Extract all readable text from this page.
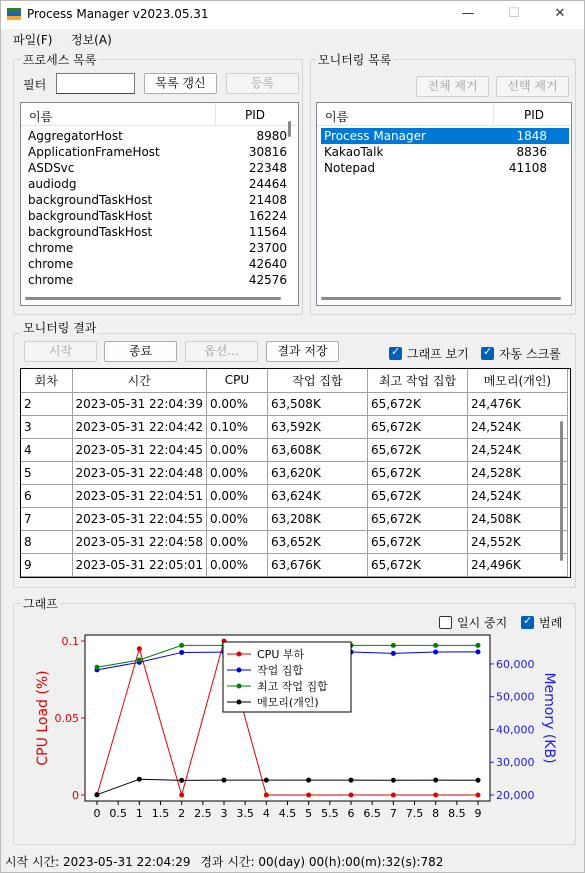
Process Manager v2023.05.31	—	☐	✕
파일(F) 정보(A)
프로세스 목록
필터	목록 갱신	등록
이름	PID
AggregatorHost	8980
ApplicationFrameHost	30816
ASDSvc	22348
audiodg	24464
backgroundTaskHost	21408
backgroundTaskHost	16224
backgroundTaskHost	11564
chrome	23700
chrome	42640
chrome	42576
모니터링 목록
전체 제거	선택 제거
이름	PID
Process Manager	1848
KakaoTalk	8836
Notepad	41108
모니터링 결과
시작	종료	옵션...	결과 저장 ✓	그래프 보기 ✓	자동 스크롤
회차	시간	CPU	작업 집합	최고 작업 집합	메모리(개인)
2	2023-05-31 22:04:39	0.00%	63,508K	65,672K	24,476K
3	2023-05-31 22:04:42	0.10%	63,592K	65,672K	24,524K
4	2023-05-31 22:04:45	0.00%	63,608K	65,672K	24,524K
5	2023-05-31 22:04:48	0.00%	63,620K	65,672K	24,528K
6	2023-05-31 22:04:51	0.00%	63,624K	65,672K	24,524K
7	2023-05-31 22:04:55	0.00%	63,208K	65,672K	24,508K
8	2023-05-31 22:04:58	0.00%	63,652K	65,672K	24,552K
9	2023-05-31 22:05:01	0.00%	63,676K	65,672K	24,496K
그래프
일시 중지 ✓	범례
0 0.5 1 1.5 2 2.5 3 3.5 4 4.5 5 5.5 6 6.5 7 7.5 8 8.5 9
0
0.05
0.1
20,000
30,000
40,000
50,000
60,000
CPU Load (%)	Memory (KB)
CPU 부하
작업 집합
최고 작업 집합
메모리(개인)
시작 시간: 2023-05-31 22:04:29 경과 시간: 00(day) 00(h):00(m):32(s):782
